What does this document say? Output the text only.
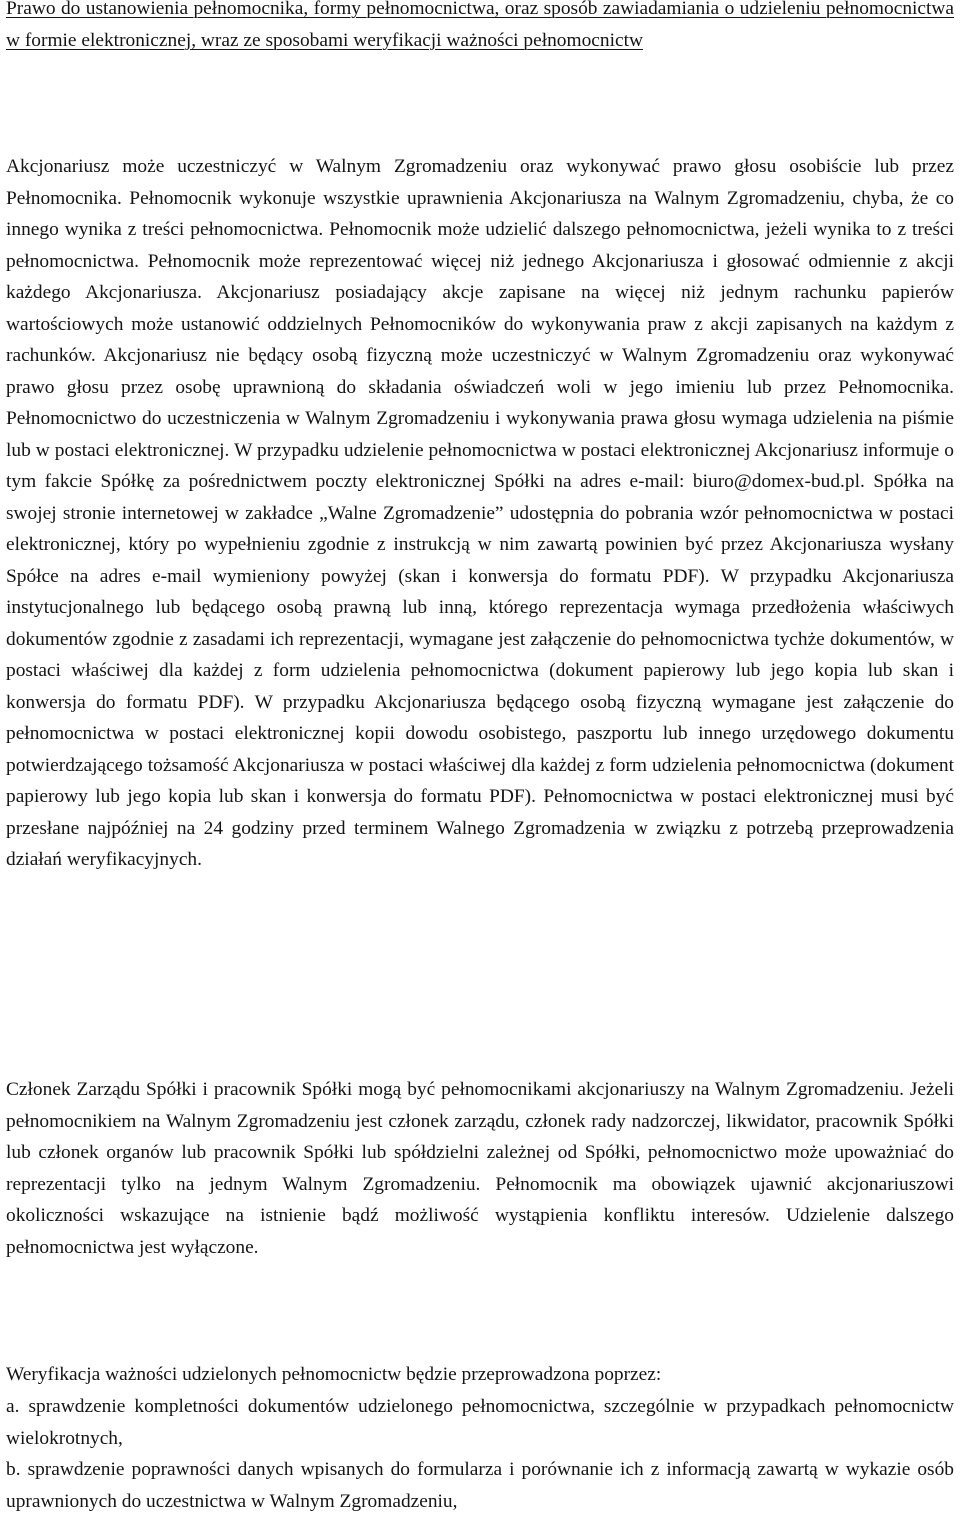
Prawo do ustanowienia pełnomocnika, formy pełnomocnictwa, oraz sposób zawiadamiania o udzieleniu pełnomocnictwa w formie elektronicznej, wraz ze sposobami weryfikacji ważności pełnomocnictw

Akcjonariusz może uczestniczyć w Walnym Zgromadzeniu oraz wykonywać prawo głosu osobiście lub przez Pełnomocnika. Pełnomocnik wykonuje wszystkie uprawnienia Akcjonariusza na Walnym Zgromadzeniu, chyba, że co innego wynika z treści pełnomocnictwa. Pełnomocnik może udzielić dalszego pełnomocnictwa, jeżeli wynika to z treści pełnomocnictwa. Pełnomocnik może reprezentować więcej niż jednego Akcjonariusza i głosować odmiennie z akcji każdego Akcjonariusza. Akcjonariusz posiadający akcje zapisane na więcej niż jednym rachunku papierów wartościowych może ustanowić oddzielnych Pełnomocników do wykonywania praw z akcji zapisanych na każdym z rachunków. Akcjonariusz nie będący osobą fizyczną może uczestniczyć w Walnym Zgromadzeniu oraz wykonywać prawo głosu przez osobę uprawnioną do składania oświadczeń woli w jego imieniu lub przez Pełnomocnika. Pełnomocnictwo do uczestniczenia w Walnym Zgromadzeniu i wykonywania prawa głosu wymaga udzielenia na piśmie lub w postaci elektronicznej. W przypadku udzielenie pełnomocnictwa w postaci elektronicznej Akcjonariusz informuje o tym fakcie Spółkę za pośrednictwem poczty elektronicznej Spółki na adres e-mail: biuro@domex-bud.pl. Spółka na swojej stronie internetowej w zakładce „Walne Zgromadzenie” udostępnia do pobrania wzór pełnomocnictwa w postaci elektronicznej, który po wypełnieniu zgodnie z instrukcją w nim zawartą powinien być przez Akcjonariusza wysłany Spółce na adres e-mail wymieniony powyżej (skan i konwersja do formatu PDF). W przypadku Akcjonariusza instytucjonalnego lub będącego osobą prawną lub inną, którego reprezentacja wymaga przedłożenia właściwych dokumentów zgodnie z zasadami ich reprezentacji, wymagane jest załączenie do pełnomocnictwa tychże dokumentów, w postaci właściwej dla każdej z form udzielenia pełnomocnictwa (dokument papierowy lub jego kopia lub skan i konwersja do formatu PDF). W przypadku Akcjonariusza będącego osobą fizyczną wymagane jest załączenie do pełnomocnictwa w postaci elektronicznej kopii dowodu osobistego, paszportu lub innego urzędowego dokumentu potwierdzającego tożsamość Akcjonariusza w postaci właściwej dla każdej z form udzielenia pełnomocnictwa (dokument papierowy lub jego kopia lub skan i konwersja do formatu PDF). Pełnomocnictwa w postaci elektronicznej musi być przesłane najpóźniej na 24 godziny przed terminem Walnego Zgromadzenia w związku z potrzebą przeprowadzenia działań weryfikacyjnych.

Członek Zarządu Spółki i pracownik Spółki mogą być pełnomocnikami akcjonariuszy na Walnym Zgromadzeniu. Jeżeli pełnomocnikiem na Walnym Zgromadzeniu jest członek zarządu, członek rady nadzorczej, likwidator, pracownik Spółki lub członek organów lub pracownik Spółki lub spółdzielni zależnej od Spółki, pełnomocnictwo może upoważniać do reprezentacji tylko na jednym Walnym Zgromadzeniu. Pełnomocnik ma obowiązek ujawnić akcjonariuszowi okoliczności wskazujące na istnienie bądź możliwość wystąpienia konfliktu interesów. Udzielenie dalszego pełnomocnictwa jest wyłączone.

Weryfikacja ważności udzielonych pełnomocnictw będzie przeprowadzona poprzez:

a. sprawdzenie kompletności dokumentów udzielonego pełnomocnictwa, szczególnie w przypadkach pełnomocnictw wielokrotnych,

b. sprawdzenie poprawności danych wpisanych do formularza i porównanie ich z informacją zawartą w wykazie osób uprawnionych do uczestnictwa w Walnym Zgromadzeniu,
